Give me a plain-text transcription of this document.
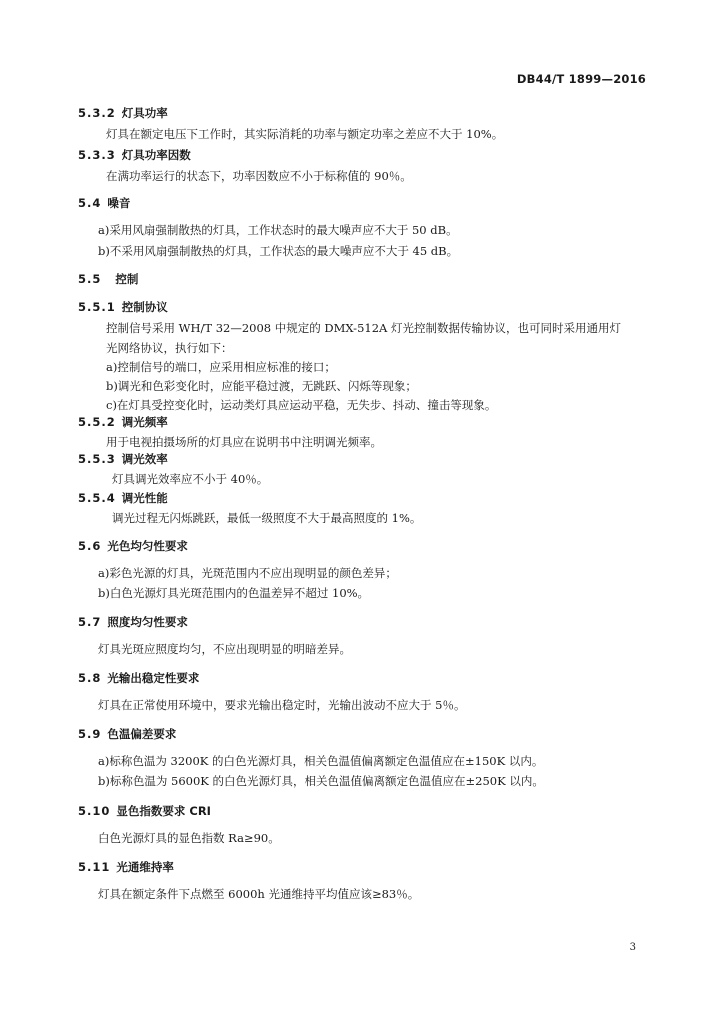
DB44/T 1899—2016
5.3.2 灯具功率
灯具在额定电压下工作时，其实际消耗的功率与额定功率之差应不大于 10%。
5.3.3 灯具功率因数
在满功率运行的状态下，功率因数应不小于标称值的 90％。
5.4 噪音
a)采用风扇强制散热的灯具，工作状态时的最大噪声应不大于 50 dB。
b)不采用风扇强制散热的灯具，工作状态的最大噪声应不大于 45 dB。
5.5 控制
5.5.1 控制协议
控制信号采用 WH/T 32—2008 中规定的 DMX-512A 灯光控制数据传输协议，也可同时采用通用灯
光网络协议，执行如下：
a)控制信号的端口，应采用相应标准的接口；
b)调光和色彩变化时，应能平稳过渡，无跳跃、闪烁等现象；
c)在灯具受控变化时，运动类灯具应运动平稳，无失步、抖动、撞击等现象。
5.5.2 调光频率
用于电视拍摄场所的灯具应在说明书中注明调光频率。
5.5.3 调光效率
灯具调光效率应不小于 40％。
5.5.4 调光性能
调光过程无闪烁跳跃，最低一级照度不大于最高照度的 1%。
5.6 光色均匀性要求
a)彩色光源的灯具，光斑范围内不应出现明显的颜色差异；
b)白色光源灯具光斑范围内的色温差异不超过 10%。
5.7 照度均匀性要求
灯具光斑应照度均匀，不应出现明显的明暗差异。
5.8 光输出稳定性要求
灯具在正常使用环境中，要求光输出稳定时，光输出波动不应大于 5％。
5.9 色温偏差要求
a)标称色温为 3200K 的白色光源灯具，相关色温值偏离额定色温值应在±150K 以内。
b)标称色温为 5600K 的白色光源灯具，相关色温值偏离额定色温值应在±250K 以内。
5.10 显色指数要求 CRI
白色光源灯具的显色指数 Ra≥90。
5.11 光通维持率
灯具在额定条件下点燃至 6000h 光通维持平均值应该≥83％。
3
